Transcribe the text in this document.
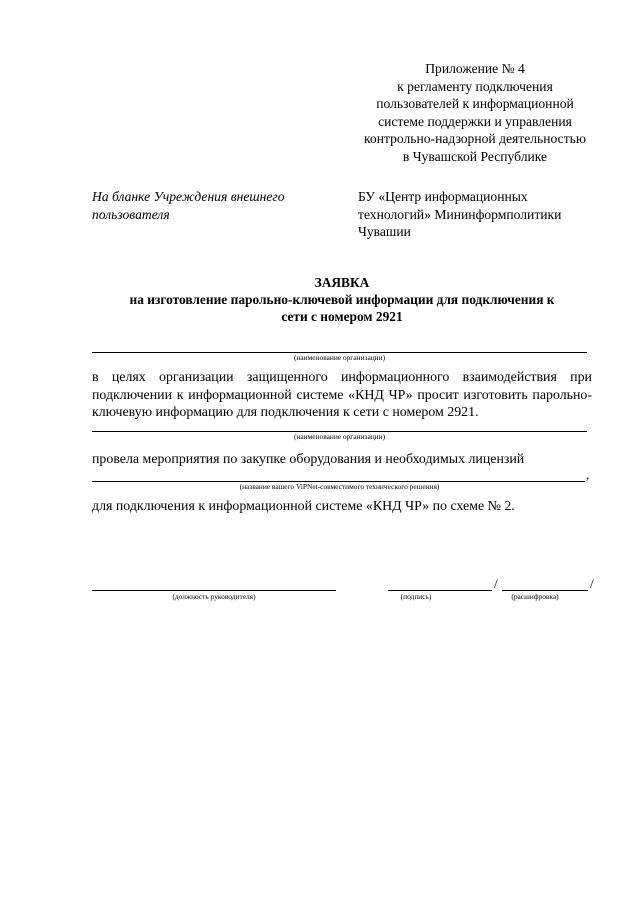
Приложение № 4
к регламенту подключения
пользователей к информационной
системе поддержки и управления
контрольно-надзорной деятельностью
в Чувашской Республике
На бланке Учреждения внешнего
пользователя
БУ «Центр информационных
технологий» Мининформполитики
Чувашии
ЗАЯВКА
на изготовление парольно-ключевой информации для подключения к
сети с номером 2921
(наименование организации)
в целях организации защищенного информационного взаимодействия при
подключении к информационной системе «КНД ЧР» просит изготовить парольно-
ключевую информацию для подключения к сети с номером 2921.
(наименование организации)
провела мероприятия по закупке оборудования и необходимых лицензий
,
(название вашего ViPNet-совместимого технического решения)
для подключения к информационной системе «КНД ЧР» по схеме № 2.
(должность руководителя)
/
(подпись)
/
(расшифровка)
